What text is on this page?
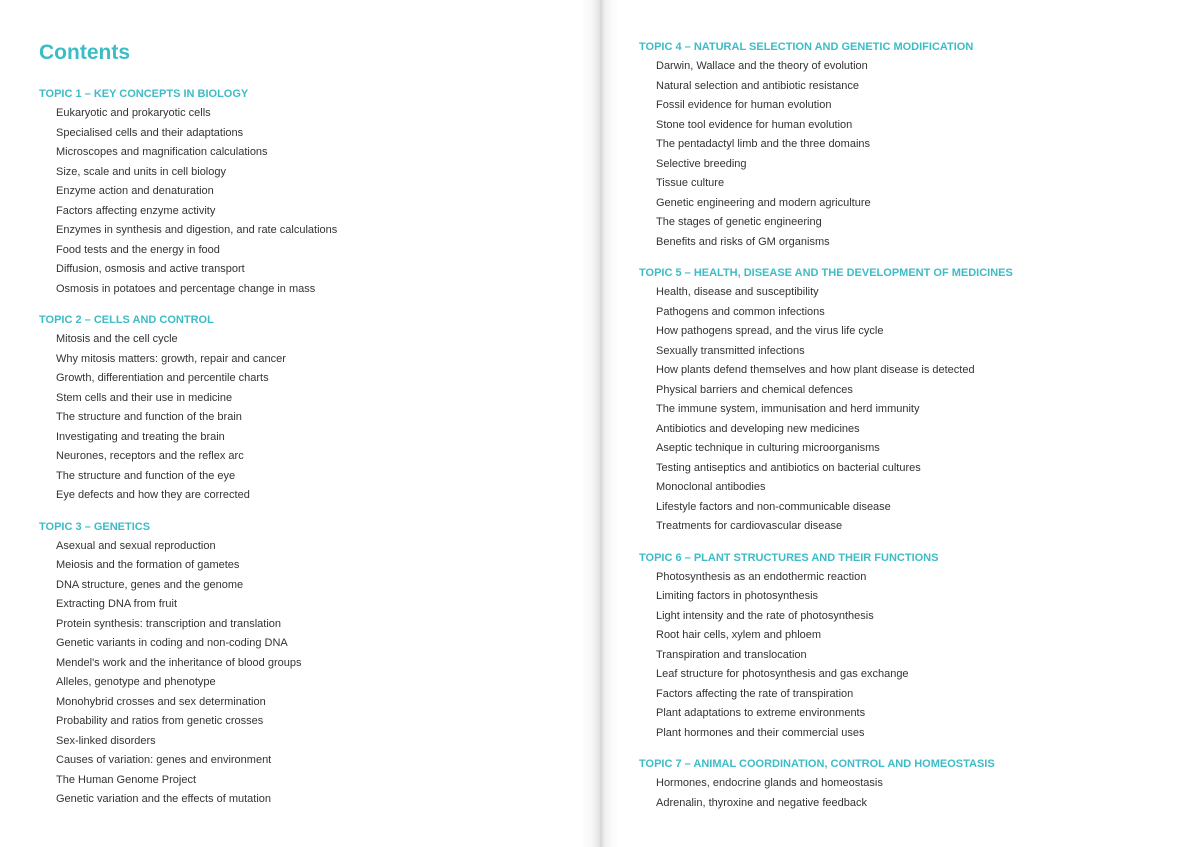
Contents
TOPIC 1 – KEY CONCEPTS IN BIOLOGY
Eukaryotic and prokaryotic cells
Specialised cells and their adaptations
Microscopes and magnification calculations
Size, scale and units in cell biology
Enzyme action and denaturation
Factors affecting enzyme activity
Enzymes in synthesis and digestion, and rate calculations
Food tests and the energy in food
Diffusion, osmosis and active transport
Osmosis in potatoes and percentage change in mass
TOPIC 2 – CELLS AND CONTROL
Mitosis and the cell cycle
Why mitosis matters: growth, repair and cancer
Growth, differentiation and percentile charts
Stem cells and their use in medicine
The structure and function of the brain
Investigating and treating the brain
Neurones, receptors and the reflex arc
The structure and function of the eye
Eye defects and how they are corrected
TOPIC 3 – GENETICS
Asexual and sexual reproduction
Meiosis and the formation of gametes
DNA structure, genes and the genome
Extracting DNA from fruit
Protein synthesis: transcription and translation
Genetic variants in coding and non-coding DNA
Mendel's work and the inheritance of blood groups
Alleles, genotype and phenotype
Monohybrid crosses and sex determination
Probability and ratios from genetic crosses
Sex-linked disorders
Causes of variation: genes and environment
The Human Genome Project
Genetic variation and the effects of mutation
TOPIC 4 – NATURAL SELECTION AND GENETIC MODIFICATION
Darwin, Wallace and the theory of evolution
Natural selection and antibiotic resistance
Fossil evidence for human evolution
Stone tool evidence for human evolution
The pentadactyl limb and the three domains
Selective breeding
Tissue culture
Genetic engineering and modern agriculture
The stages of genetic engineering
Benefits and risks of GM organisms
TOPIC 5 – HEALTH, DISEASE AND THE DEVELOPMENT OF MEDICINES
Health, disease and susceptibility
Pathogens and common infections
How pathogens spread, and the virus life cycle
Sexually transmitted infections
How plants defend themselves and how plant disease is detected
Physical barriers and chemical defences
The immune system, immunisation and herd immunity
Antibiotics and developing new medicines
Aseptic technique in culturing microorganisms
Testing antiseptics and antibiotics on bacterial cultures
Monoclonal antibodies
Lifestyle factors and non-communicable disease
Treatments for cardiovascular disease
TOPIC 6 – PLANT STRUCTURES AND THEIR FUNCTIONS
Photosynthesis as an endothermic reaction
Limiting factors in photosynthesis
Light intensity and the rate of photosynthesis
Root hair cells, xylem and phloem
Transpiration and translocation
Leaf structure for photosynthesis and gas exchange
Factors affecting the rate of transpiration
Plant adaptations to extreme environments
Plant hormones and their commercial uses
TOPIC 7 – ANIMAL COORDINATION, CONTROL AND HOMEOSTASIS
Hormones, endocrine glands and homeostasis
Adrenalin, thyroxine and negative feedback
